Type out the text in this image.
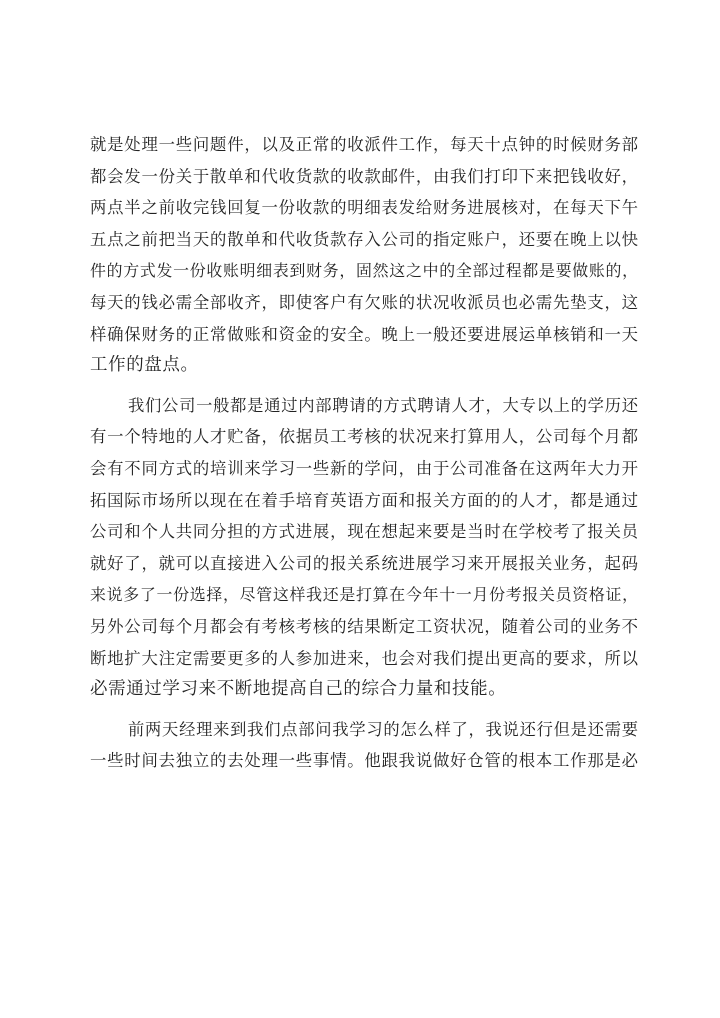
就是处理一些问题件，以及正常的收派件工作，每天十点钟的时候财务部
都会发一份关于散单和代收货款的收款邮件，由我们打印下来把钱收好，
两点半之前收完钱回复一份收款的明细表发给财务进展核对，在每天下午
五点之前把当天的散单和代收货款存入公司的指定账户，还要在晚上以快
件的方式发一份收账明细表到财务，固然这之中的全部过程都是要做账的，
每天的钱必需全部收齐，即使客户有欠账的状况收派员也必需先垫支，这
样确保财务的正常做账和资金的安全。晚上一般还要进展运单核销和一天
工作的盘点。
我们公司一般都是通过内部聘请的方式聘请人才，大专以上的学历还
有一个特地的人才贮备，依据员工考核的状况来打算用人，公司每个月都
会有不同方式的培训来学习一些新的学问，由于公司准备在这两年大力开
拓国际市场所以现在在着手培育英语方面和报关方面的的人才，都是通过
公司和个人共同分担的方式进展，现在想起来要是当时在学校考了报关员
就好了，就可以直接进入公司的报关系统进展学习来开展报关业务，起码
来说多了一份选择，尽管这样我还是打算在今年十一月份考报关员资格证，
另外公司每个月都会有考核考核的结果断定工资状况，随着公司的业务不
断地扩大注定需要更多的人参加进来，也会对我们提出更高的要求，所以
必需通过学习来不断地提高自己的综合力量和技能。
前两天经理来到我们点部问我学习的怎么样了，我说还行但是还需要
一些时间去独立的去处理一些事情。他跟我说做好仓管的根本工作那是必
